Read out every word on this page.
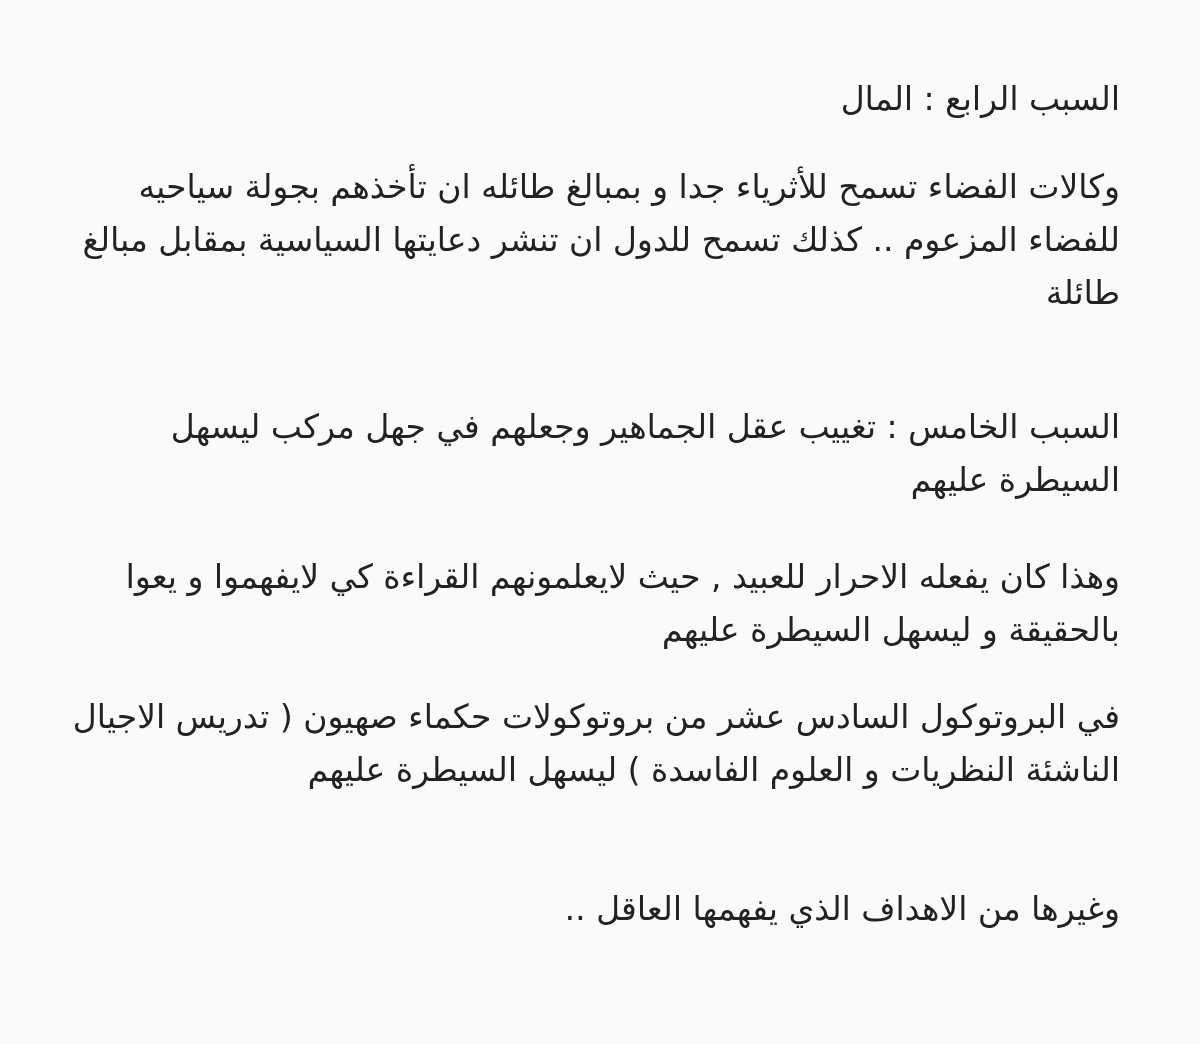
السبب الرابع : المال

وكالات الفضاء تسمح للأثرياء جدا و بمبالغ طائله ان تأخذهم بجولة سياحيه للفضاء المزعوم .. كذلك تسمح للدول ان تنشر دعايتها السياسية بمقابل مبالغ طائلة

السبب الخامس : تغييب عقل الجماهير وجعلهم في جهل مركب ليسهل السيطرة عليهم

وهذا كان يفعله الاحرار للعبيد , حيث لايعلمونهم القراءة كي لايفهموا و يعوا بالحقيقة و ليسهل السيطرة عليهم

في البروتوكول السادس عشر من بروتوكولات حكماء صهيون ( تدريس الاجيال الناشئة النظريات و العلوم الفاسدة ) ليسهل السيطرة عليهم

وغيرها من الاهداف الذي يفهمها العاقل ..
